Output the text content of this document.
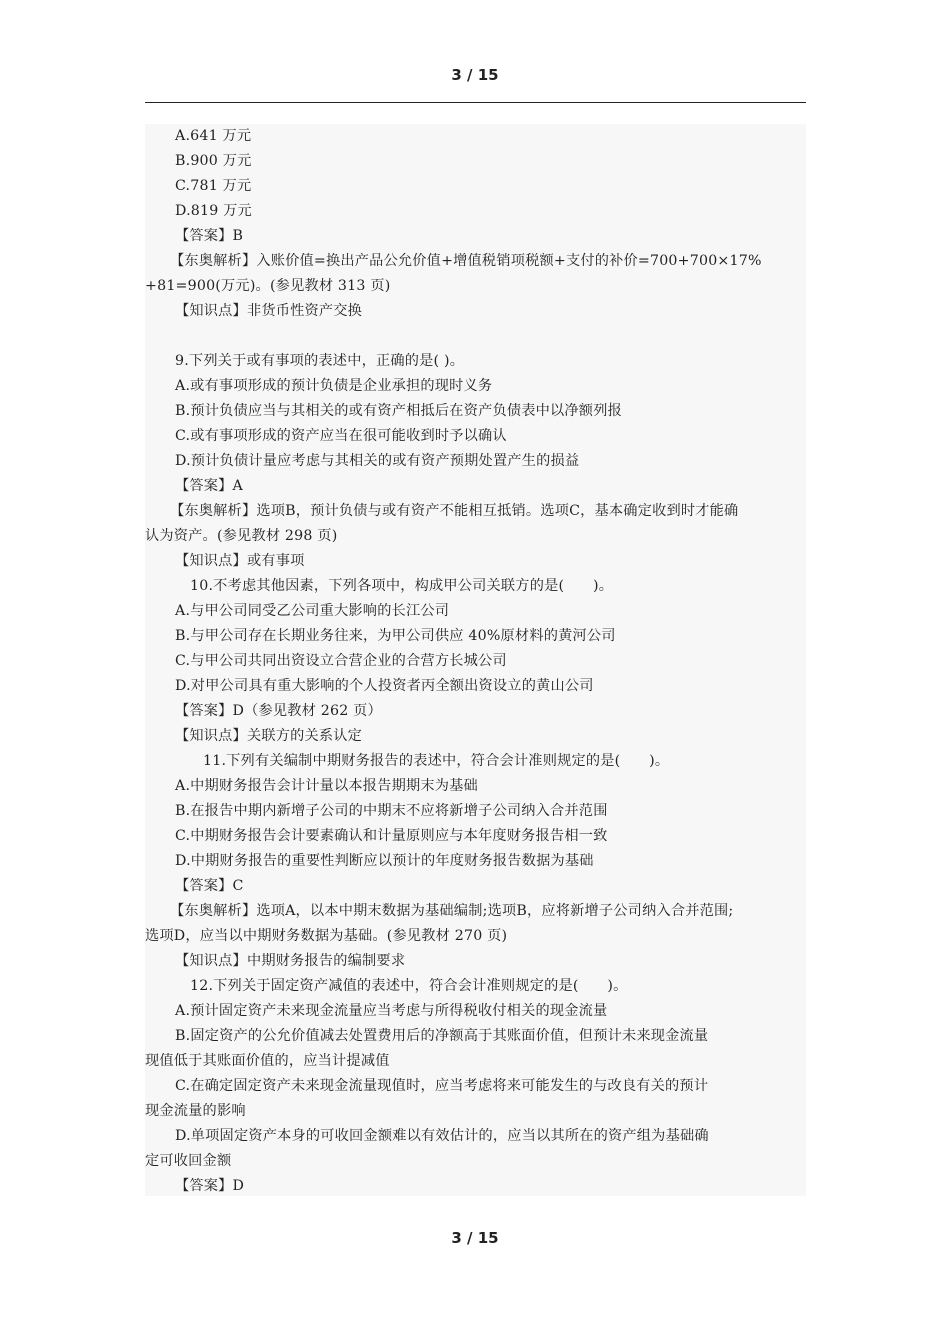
3 / 15
A.641 万元
B.900 万元
C.781 万元
D.819 万元
【答案】B
【东奥解析】入账价值=换出产品公允价值+增值税销项税额+支付的补价=700+700×17%
+81=900(万元)。(参见教材 313 页)
【知识点】非货币性资产交换
9.下列关于或有事项的表述中，正确的是( )。
A.或有事项形成的预计负债是企业承担的现时义务
B.预计负债应当与其相关的或有资产相抵后在资产负债表中以净额列报
C.或有事项形成的资产应当在很可能收到时予以确认
D.预计负债计量应考虑与其相关的或有资产预期处置产生的损益
【答案】A
【东奥解析】选项B，预计负债与或有资产不能相互抵销。选项C，基本确定收到时才能确
认为资产。(参见教材 298 页)
【知识点】或有事项
10.不考虑其他因素，下列各项中，构成甲公司关联方的是(　　)。
A.与甲公司同受乙公司重大影响的长江公司
B.与甲公司存在长期业务往来，为甲公司供应 40%原材料的黄河公司
C.与甲公司共同出资设立合营企业的合营方长城公司
D.对甲公司具有重大影响的个人投资者丙全额出资设立的黄山公司
【答案】D（参见教材 262 页）
【知识点】关联方的关系认定
11.下列有关编制中期财务报告的表述中，符合会计准则规定的是(　　)。
A.中期财务报告会计计量以本报告期期末为基础
B.在报告中期内新增子公司的中期末不应将新增子公司纳入合并范围
C.中期财务报告会计要素确认和计量原则应与本年度财务报告相一致
D.中期财务报告的重要性判断应以预计的年度财务报告数据为基础
【答案】C
【东奥解析】选项A，以本中期末数据为基础编制;选项B，应将新增子公司纳入合并范围;
选项D，应当以中期财务数据为基础。(参见教材 270 页)
【知识点】中期财务报告的编制要求
12.下列关于固定资产减值的表述中，符合会计准则规定的是(　　)。
A.预计固定资产未来现金流量应当考虑与所得税收付相关的现金流量
B.固定资产的公允价值减去处置费用后的净额高于其账面价值，但预计未来现金流量
现值低于其账面价值的，应当计提减值
C.在确定固定资产未来现金流量现值时，应当考虑将来可能发生的与改良有关的预计
现金流量的影响
D.单项固定资产本身的可收回金额难以有效估计的，应当以其所在的资产组为基础确
定可收回金额
【答案】D
3 / 15
